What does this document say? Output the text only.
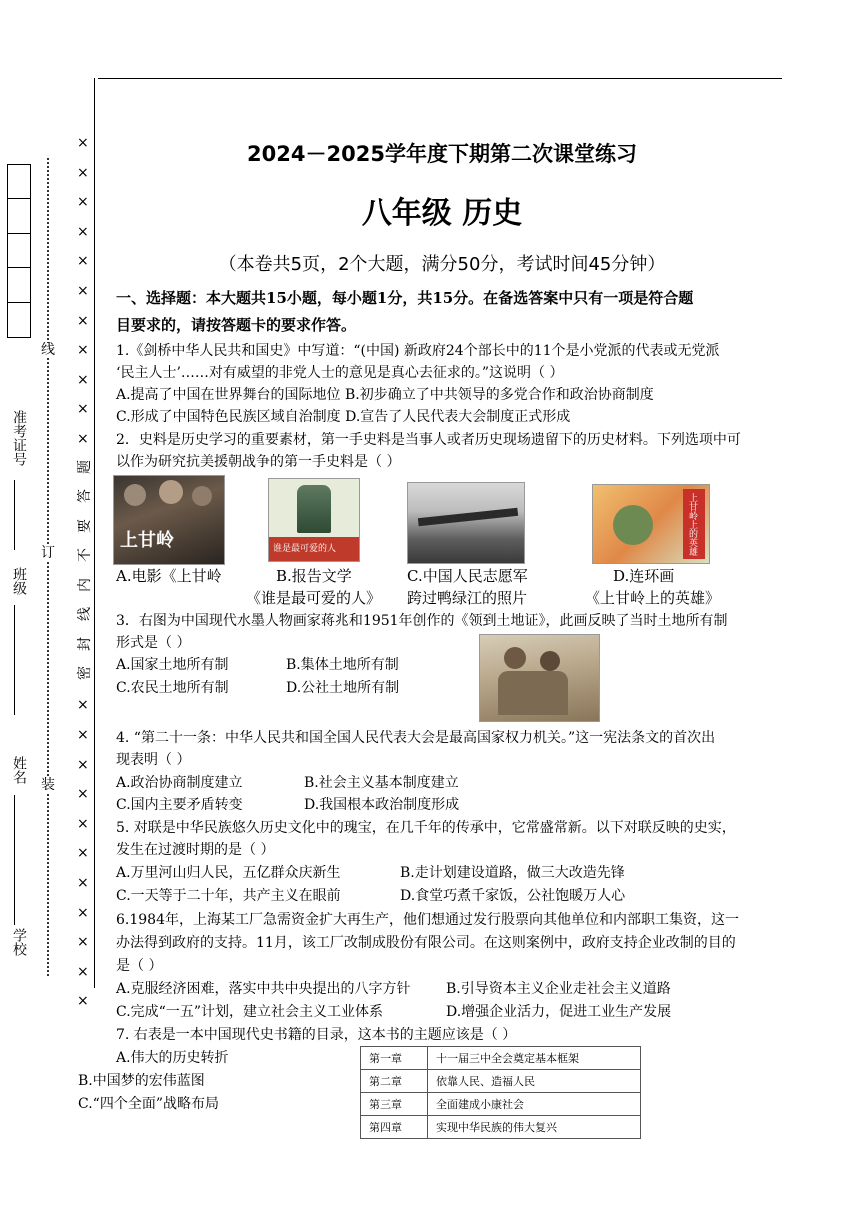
线
订
装
准考证号
班级
姓名
学校
×
×
×
×
×
×
×
×
×
×
×
×
×
×
×
×
×
×
×
×
×
×
题
答
要
不
内
线
封
密
2024－2025学年度下期第二次课堂练习
八年级 历史
（本卷共5页，2个大题，满分50分，考试时间45分钟）
一、选择题：本大题共15小题，每小题1分，共15分。在备选答案中只有一项是符合题
目要求的，请按答题卡的要求作答。
1.《剑桥中华人民共和国史》中写道：“(中国) 新政府24个部长中的11个是小党派的代表或无党派
‘民主人士’……对有威望的非党人士的意见是真心去征求的。”这说明（ ）
A.提高了中国在世界舞台的国际地位 B.初步确立了中共领导的多党合作和政治协商制度
C.形成了中国特色民族区域自治制度 D.宣告了人民代表大会制度正式形成
2．史料是历史学习的重要素材，第一手史料是当事人或者历史现场遗留下的历史材料。下列选项中可
以作为研究抗美援朝战争的第一手史料是（ ）
上甘岭	谁是最可爱的人	上甘岭上的英雄
A.电影《上甘岭	B.报告文学
《谁是最可爱的人》
C.中国人民志愿军
跨过鸭绿江的照片
D.连环画
《上甘岭上的英雄》
3．右图为中国现代水墨人物画家蒋兆和1951年创作的《领到土地证》，此画反映了当时土地所有制
形式是（ ）
A.国家土地所有制	B.集体土地所有制
C.农民土地所有制	D.公社土地所有制
4. “第二十一条：中华人民共和国全国人民代表大会是最高国家权力机关。”这一宪法条文的首次出
现表明（ ）
A.政治协商制度建立	B.社会主义基本制度建立
C.国内主要矛盾转变	D.我国根本政治制度形成
5. 对联是中华民族悠久历史文化中的瑰宝，在几千年的传承中，它常盛常新。以下对联反映的史实，
发生在过渡时期的是（ ）
A.万里河山归人民，五亿群众庆新生	B.走计划建设道路，做三大改造先锋
C.一天等于二十年，共产主义在眼前	D.食堂巧煮千家饭，公社饱暖万人心
6.1984年，上海某工厂急需资金扩大再生产，他们想通过发行股票向其他单位和内部职工集资，这一
办法得到政府的支持。11月，该工厂改制成股份有限公司。在这则案例中，政府支持企业改制的目的
是（ ）
A.克服经济困难，落实中共中央提出的八字方针	B.引导资本主义企业走社会主义道路
C.完成“一五”计划，建立社会主义工业体系	D.增强企业活力，促进工业生产发展
7. 右表是一本中国现代史书籍的目录，这本书的主题应该是（ ）
A.伟大的历史转折
B.中国梦的宏伟蓝图
C.“四个全面”战略布局
第一章	十一届三中全会奠定基本框架
第二章	依靠人民、造福人民
第三章	全面建成小康社会
第四章	实现中华民族的伟大复兴
